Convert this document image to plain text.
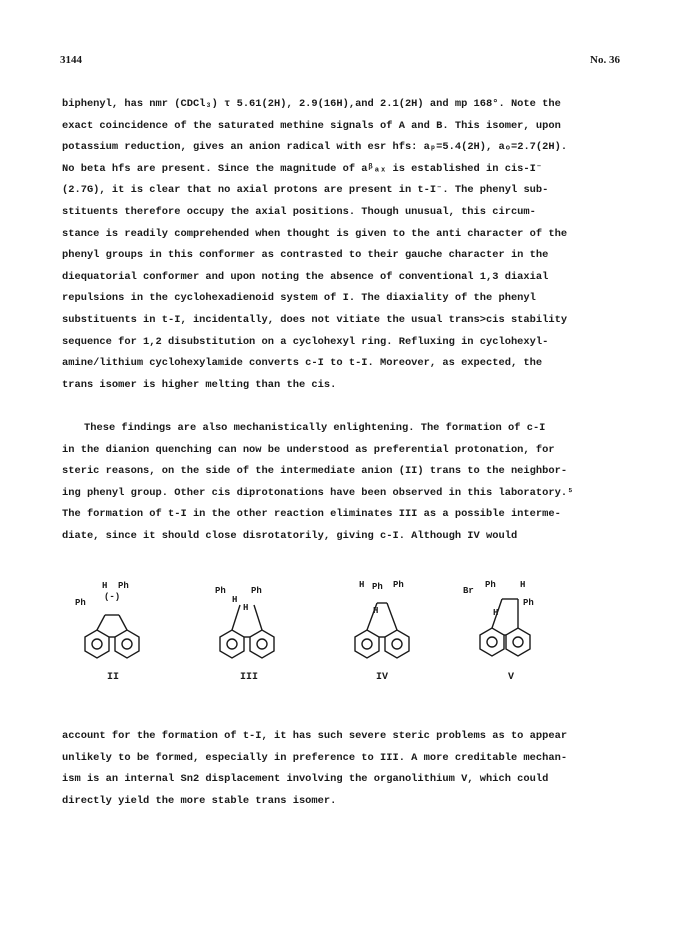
3144	No. 36
biphenyl, has nmr (CDCl₃) τ 5.61(2H), 2.9(16H),and 2.1(2H) and mp 168°. Note the
exact coincidence of the saturated methine signals of A and B. This isomer, upon
potassium reduction, gives an anion radical with esr hfs: aₚ=5.4(2H), aₒ=2.7(2H).
No beta hfs are present. Since the magnitude of aᵝₐₓ is established in cis-I⁻
(2.7G), it is clear that no axial protons are present in t-I⁻. The phenyl sub-
stituents therefore occupy the axial positions. Though unusual, this circum-
stance is readily comprehended when thought is given to the anti character of the
phenyl groups in this conformer as contrasted to their gauche character in the
diequatorial conformer and upon noting the absence of conventional 1,3 diaxial
repulsions in the cyclohexadienoid system of I. The diaxiality of the phenyl
substituents in t-I, incidentally, does not vitiate the usual trans>cis stability
sequence for 1,2 disubstitution on a cyclohexyl ring. Refluxing in cyclohexyl-
amine/lithium cyclohexylamide converts c-I to t-I. Moreover, as expected, the
trans isomer is higher melting than the cis.
These findings are also mechanistically enlightening. The formation of c-I
in the dianion quenching can now be understood as preferential protonation, for
steric reasons, on the side of the intermediate anion (II) trans to the neighbor-
ing phenyl group. Other cis diprotonations have been observed in this laboratory.⁵
The formation of t-I in the other reaction eliminates III as a possible interme-
diate, since it should close disrotatorily, giving c-I. Although IV would
H Ph
Ph
(-)
Ph	Ph
H
H
H Ph Ph
H
Br
Ph	H
Ph
H
II	III	IV	V
account for the formation of t-I, it has such severe steric problems as to appear
unlikely to be formed, especially in preference to III. A more creditable mechan-
ism is an internal Sn2 displacement involving the organolithium V, which could
directly yield the more stable trans isomer.
